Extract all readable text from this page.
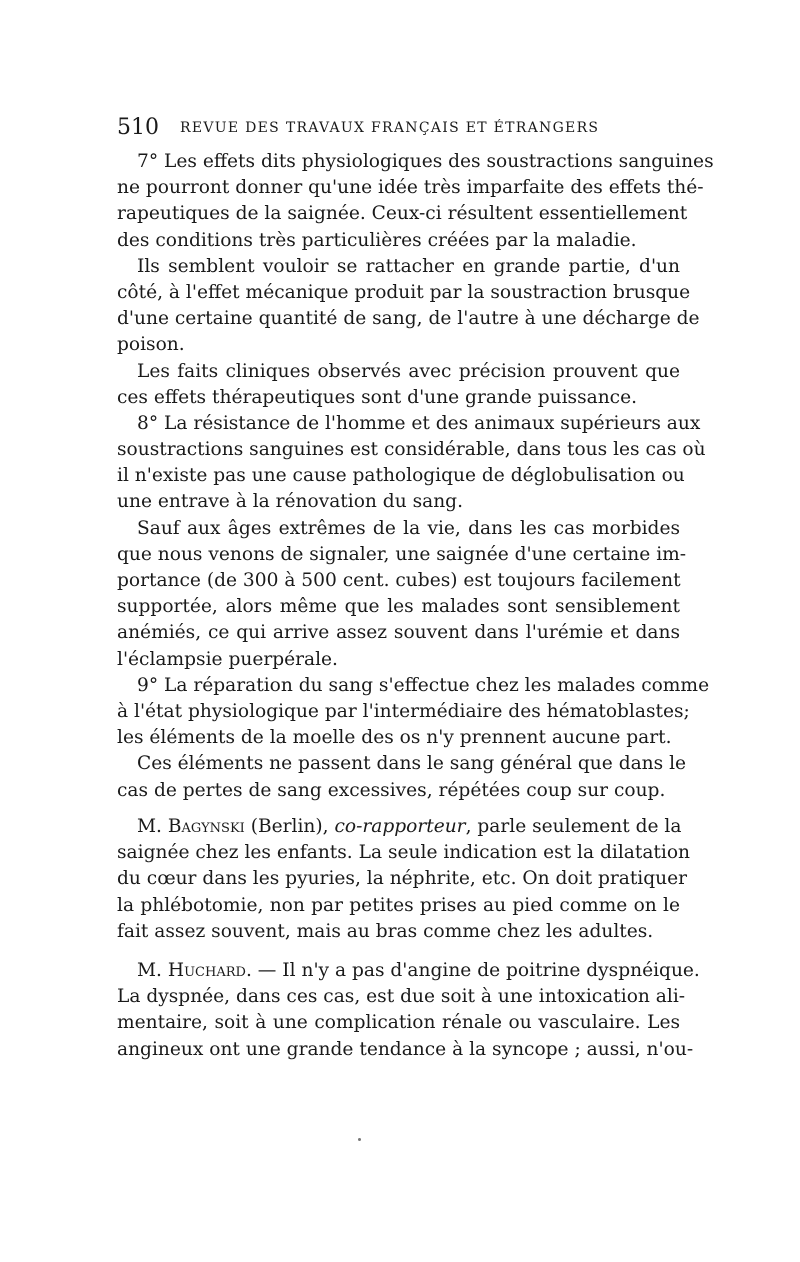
510 REVUE DES TRAVAUX FRANÇAIS ET ÉTRANGERS
7° Les effets dits physiologiques des soustractions sanguines
ne pourront donner qu'une idée très imparfaite des effets thé-
rapeutiques de la saignée. Ceux-ci résultent essentiellement
des conditions très particulières créées par la maladie.
Ils semblent vouloir se rattacher en grande partie, d'un
côté, à l'effet mécanique produit par la soustraction brusque
d'une certaine quantité de sang, de l'autre à une décharge de
poison.
Les faits cliniques observés avec précision prouvent que
ces effets thérapeutiques sont d'une grande puissance.
8° La résistance de l'homme et des animaux supérieurs aux
soustractions sanguines est considérable, dans tous les cas où
il n'existe pas une cause pathologique de déglobulisation ou
une entrave à la rénovation du sang.
Sauf aux âges extrêmes de la vie, dans les cas morbides
que nous venons de signaler, une saignée d'une certaine im-
portance (de 300 à 500 cent. cubes) est toujours facilement
supportée, alors même que les malades sont sensiblement
anémiés, ce qui arrive assez souvent dans l'urémie et dans
l'éclampsie puerpérale.
9° La réparation du sang s'effectue chez les malades comme
à l'état physiologique par l'intermédiaire des hématoblastes;
les éléments de la moelle des os n'y prennent aucune part.
Ces éléments ne passent dans le sang général que dans le
cas de pertes de sang excessives, répétées coup sur coup.
M. Bagynski (Berlin), co-rapporteur, parle seulement de la
saignée chez les enfants. La seule indication est la dilatation
du cœur dans les pyuries, la néphrite, etc. On doit pratiquer
la phlébotomie, non par petites prises au pied comme on le
fait assez souvent, mais au bras comme chez les adultes.
M. Huchard. — Il n'y a pas d'angine de poitrine dyspnéique.
La dyspnée, dans ces cas, est due soit à une intoxication ali-
mentaire, soit à une complication rénale ou vasculaire. Les
angineux ont une grande tendance à la syncope ; aussi, n'ou-
